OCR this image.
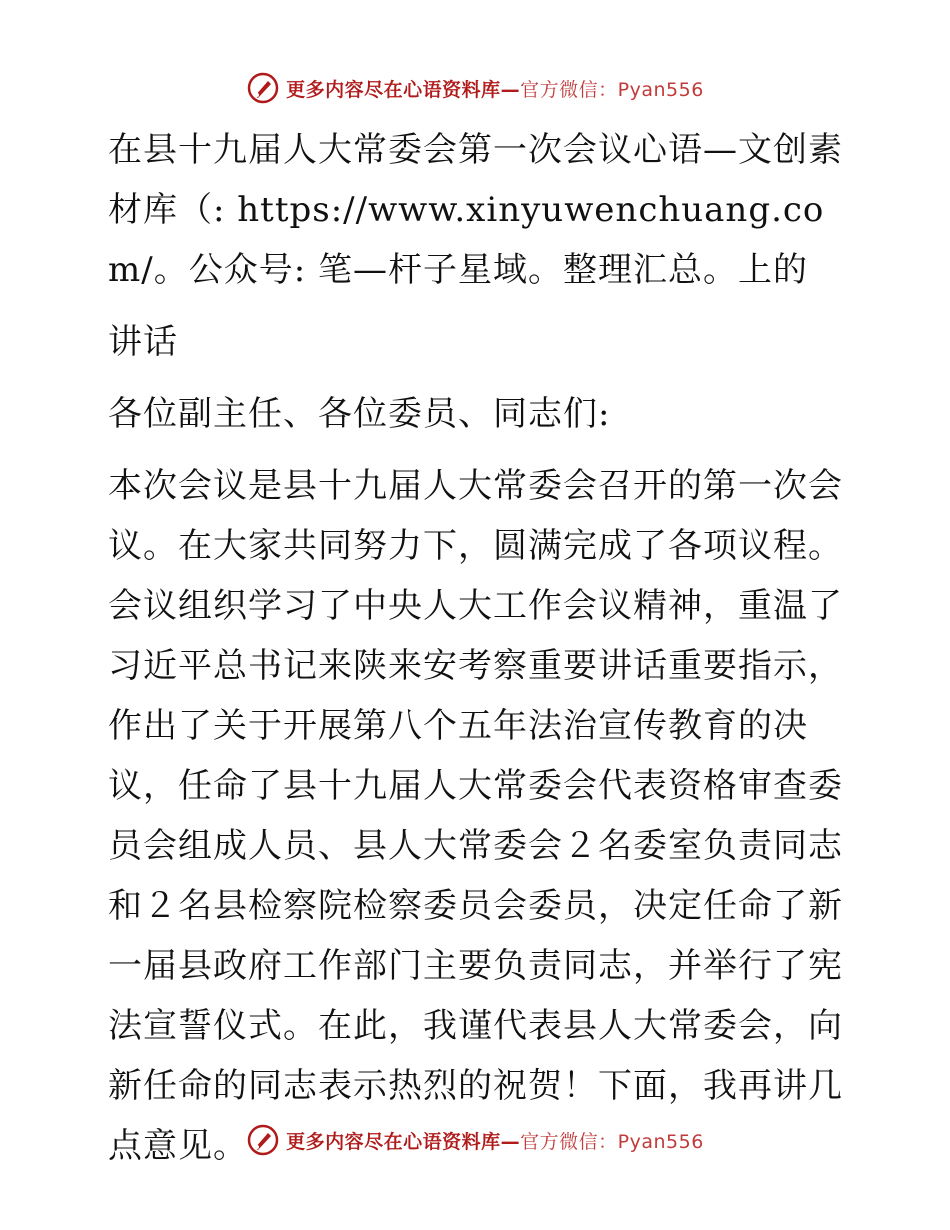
更多内容尽在心语资料库—官方微信：Pyan556

在县十九届人大常委会第一次会议心语—文创素材库（: https://www.xinyuwenchuang.com/。公众号: 笔—杆子星域。整理汇总。上的

讲话

各位副主任、各位委员、同志们:

本次会议是县十九届人大常委会召开的第一次会议。在大家共同努力下，圆满完成了各项议程。会议组织学习了中央人大工作会议精神，重温了习近平总书记来陕来安考察重要讲话重要指示，作出了关于开展第八个五年法治宣传教育的决议，任命了县十九届人大常委会代表资格审查委员会组成人员、县人大常委会２名委室负责同志和２名县检察院检察委员会委员，决定任命了新一届县政府工作部门主要负责同志，并举行了宪法宣誓仪式。在此，我谨代表县人大常委会，向新任命的同志表示热烈的祝贺！下面，我再讲几点意见。	更多内容尽在心语资料库—官方微信：Pyan556
